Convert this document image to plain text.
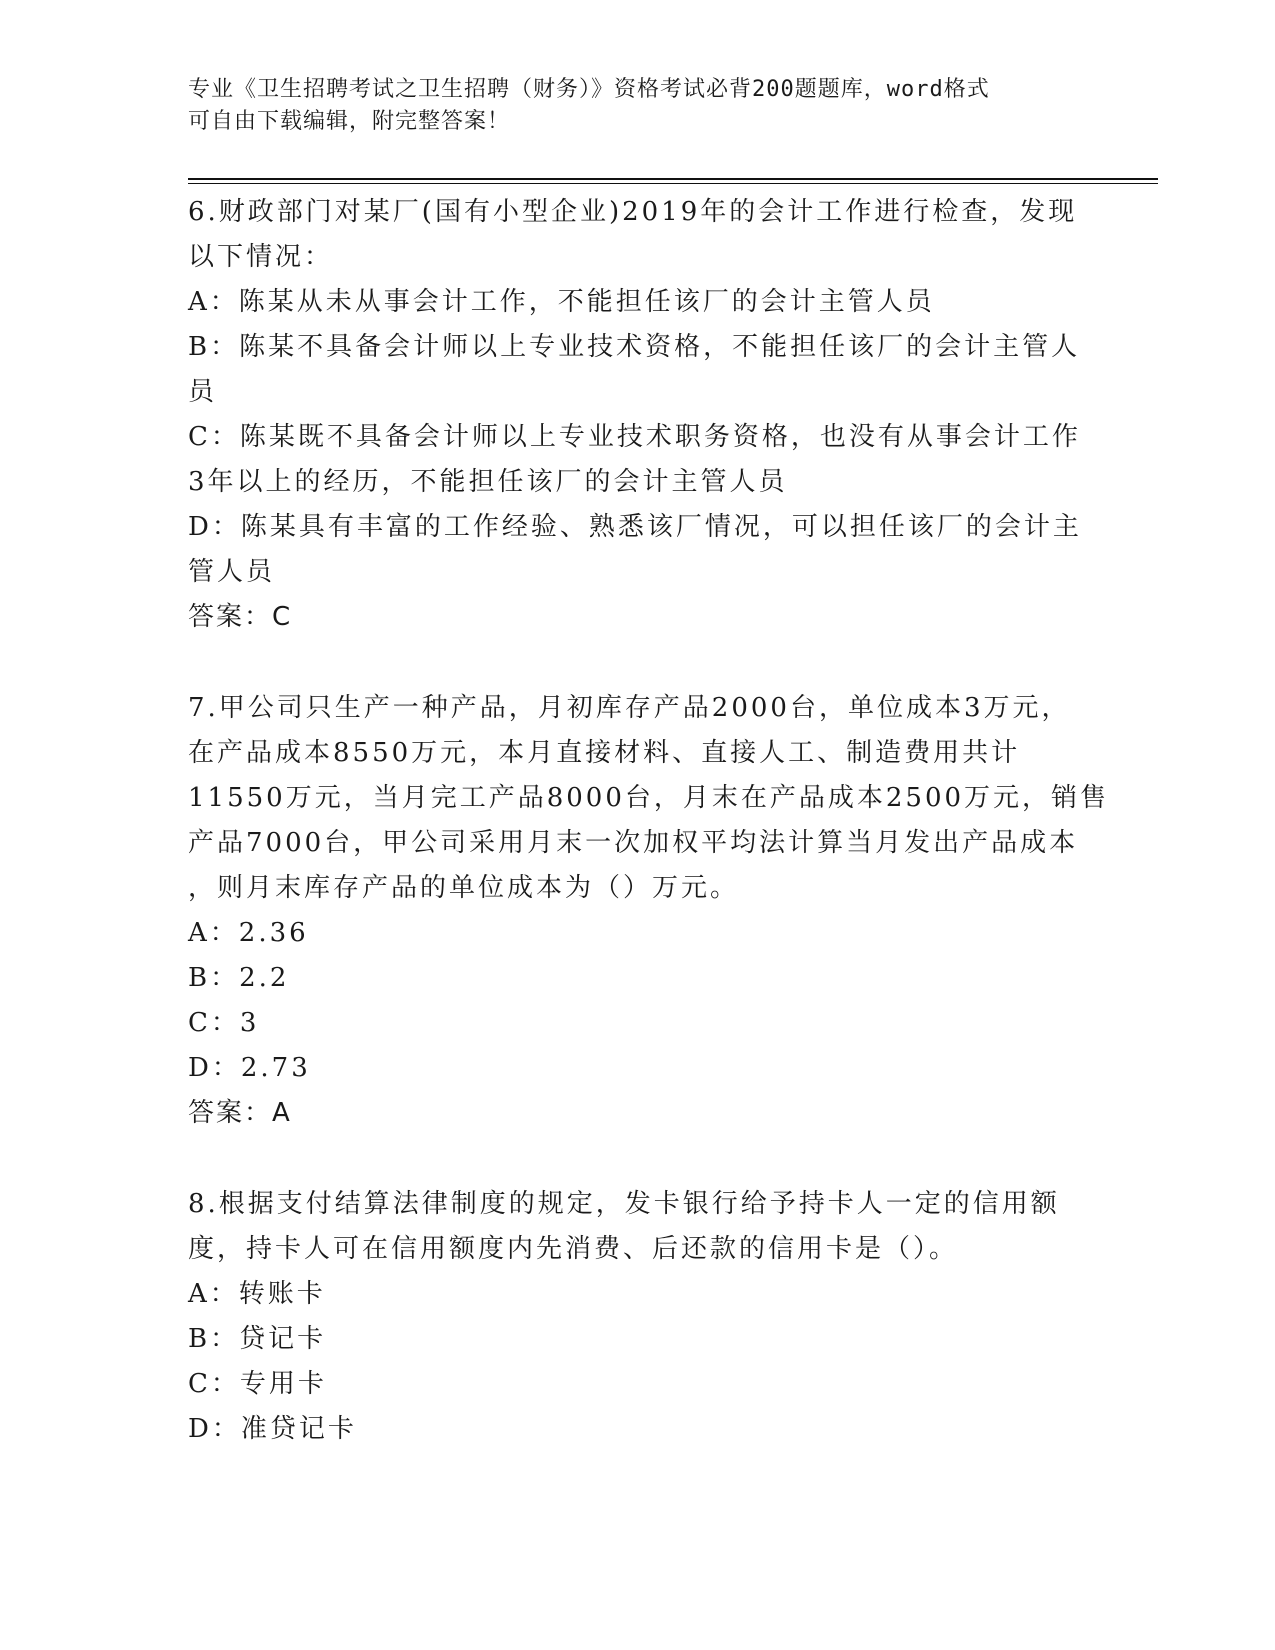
专业《卫生招聘考试之卫生招聘（财务）》资格考试必背200题题库，word格式
可自由下载编辑，附完整答案！
6.财政部门对某厂(国有小型企业)2019年的会计工作进行检查，发现
以下情况：
A：陈某从未从事会计工作，不能担任该厂的会计主管人员
B：陈某不具备会计师以上专业技术资格，不能担任该厂的会计主管人
员
C：陈某既不具备会计师以上专业技术职务资格，也没有从事会计工作
3年以上的经历，不能担任该厂的会计主管人员
D：陈某具有丰富的工作经验、熟悉该厂情况，可以担任该厂的会计主
管人员
答案：C
7.甲公司只生产一种产品，月初库存产品2000台，单位成本3万元，
在产品成本8550万元，本月直接材料、直接人工、制造费用共计
11550万元，当月完工产品8000台，月末在产品成本2500万元，销售
产品7000台，甲公司采用月末一次加权平均法计算当月发出产品成本
，则月末库存产品的单位成本为（）万元。
A：2.36
B：2.2
C：3
D：2.73
答案：A
8.根据支付结算法律制度的规定，发卡银行给予持卡人一定的信用额
度，持卡人可在信用额度内先消费、后还款的信用卡是（）。
A：转账卡
B：贷记卡
C：专用卡
D：准贷记卡
